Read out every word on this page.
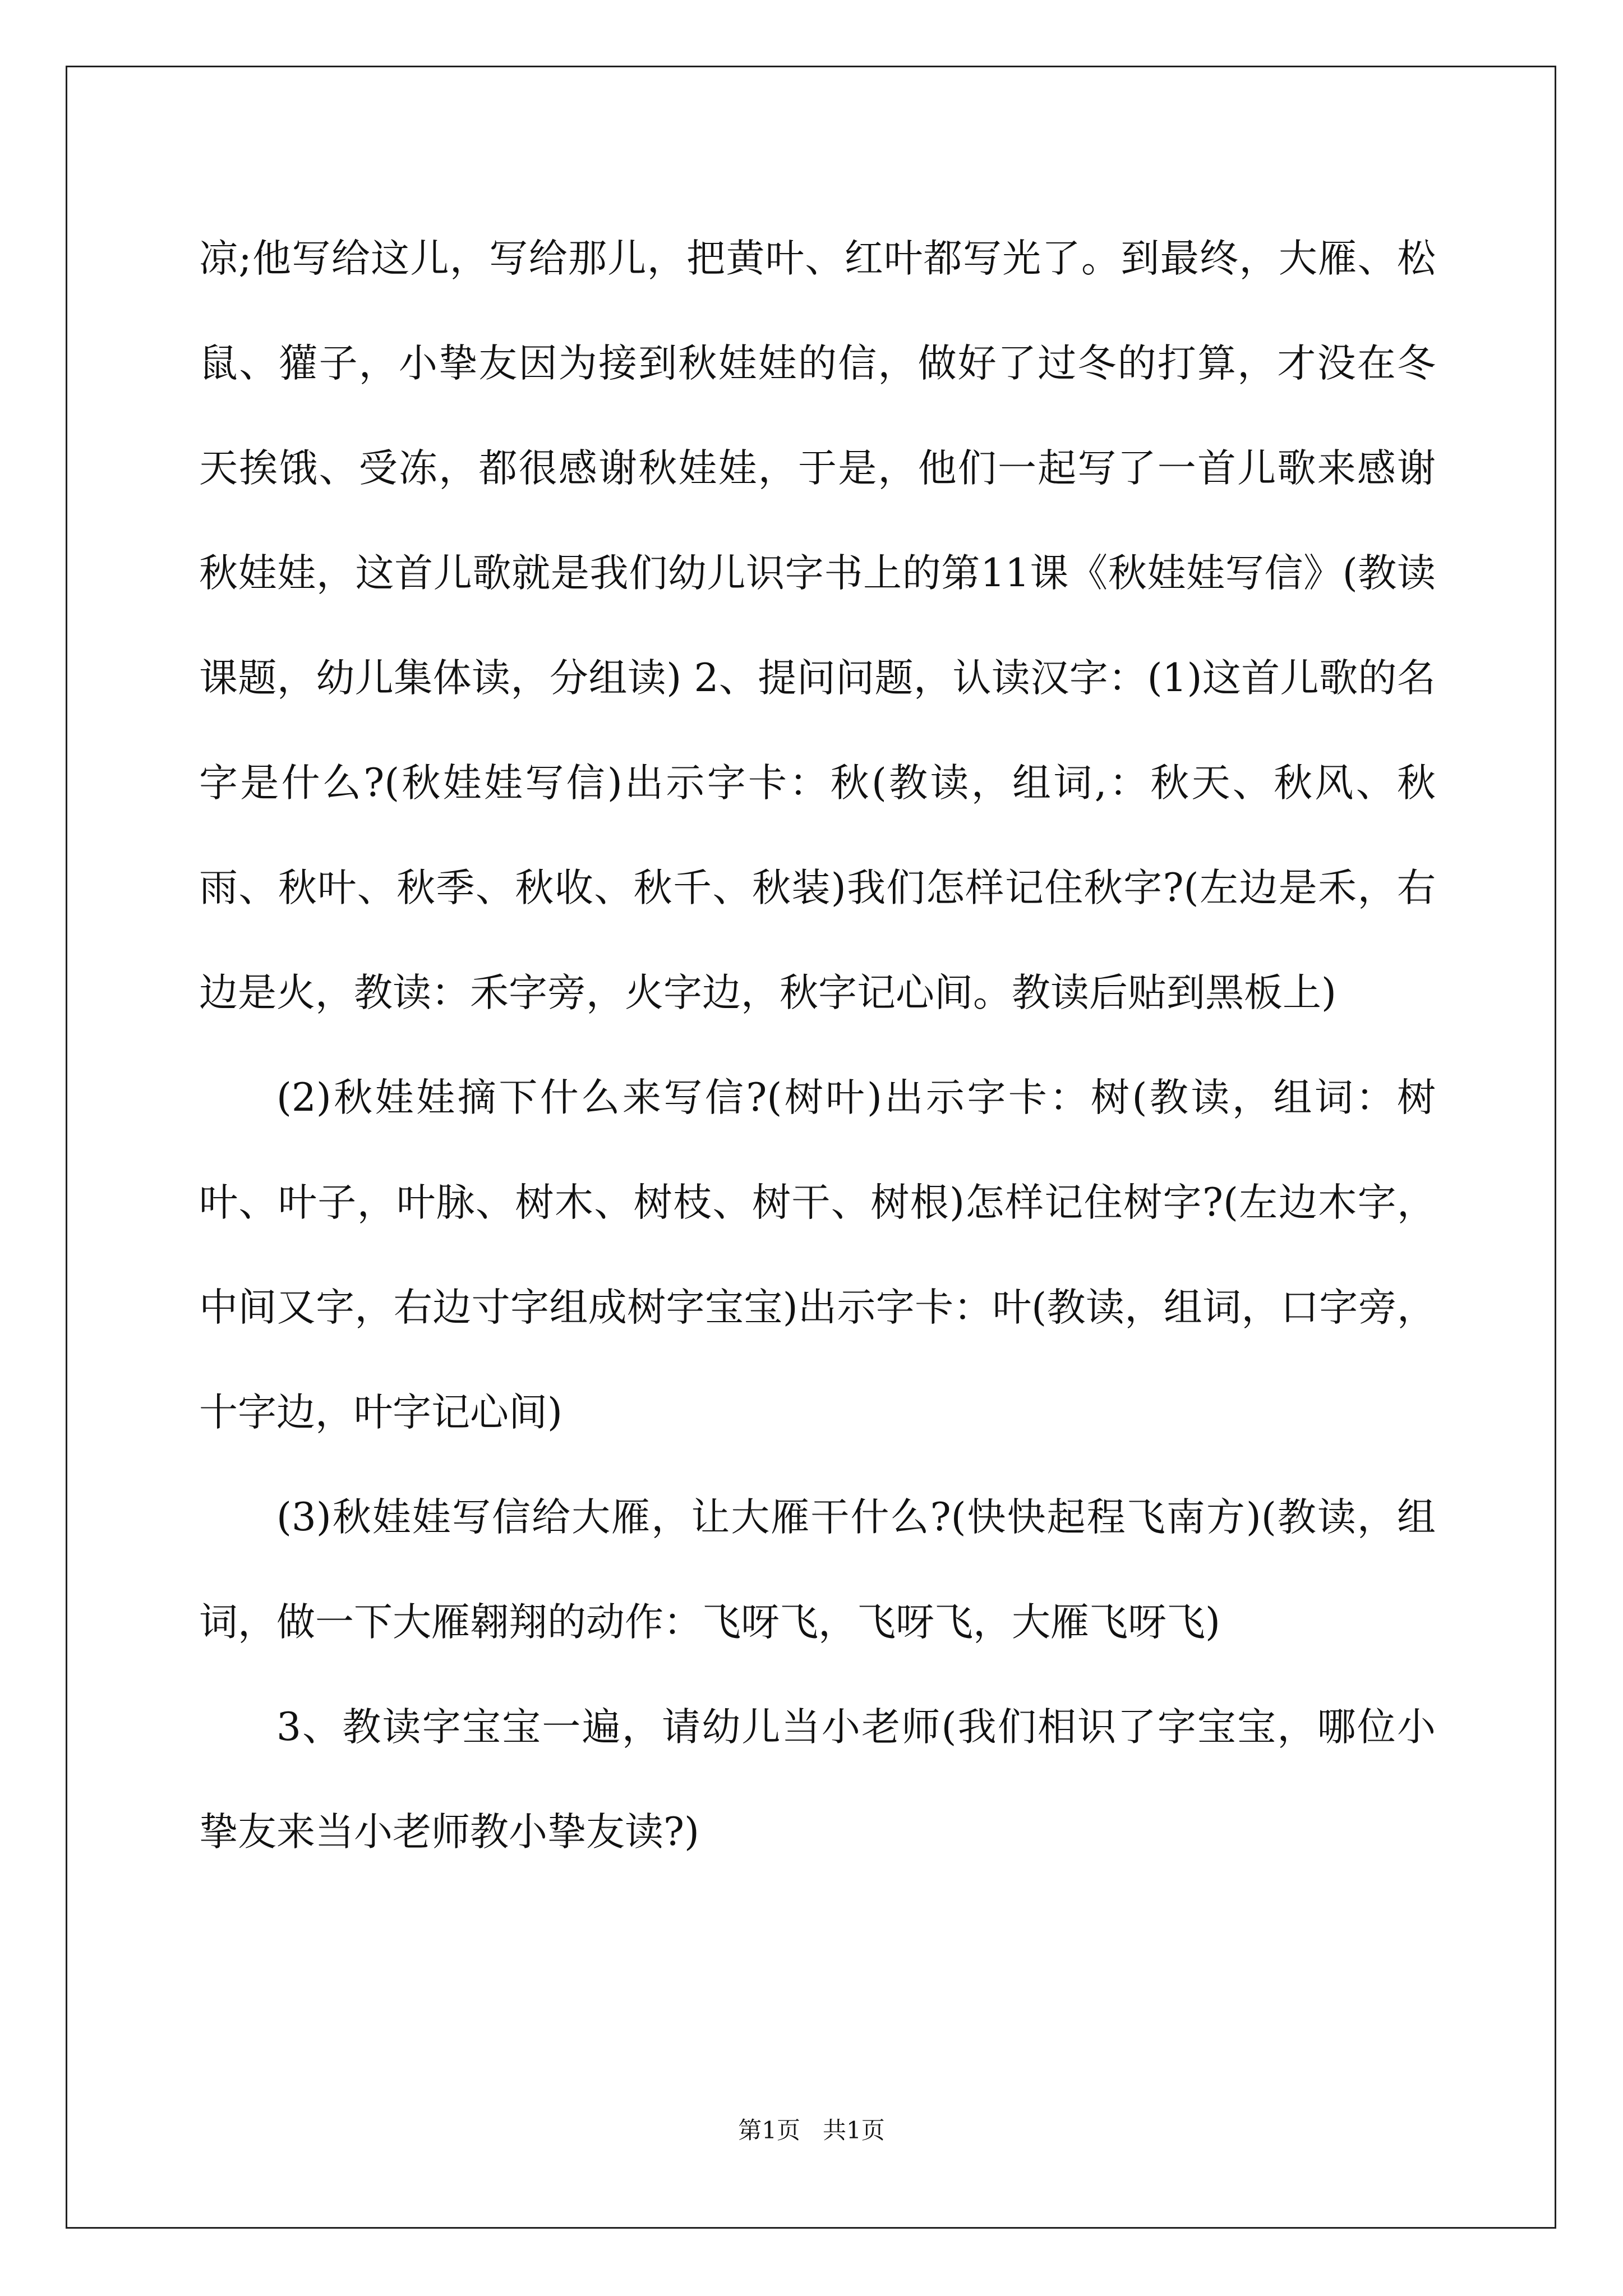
凉;他写给这儿，写给那儿，把黄叶、红叶都写光了。到最终，大雁、松鼠、獾子，小挚友因为接到秋娃娃的信，做好了过冬的打算，才没在冬天挨饿、受冻，都很感谢秋娃娃，于是，他们一起写了一首儿歌来感谢秋娃娃，这首儿歌就是我们幼儿识字书上的第11课《秋娃娃写信》(教读课题，幼儿集体读，分组读) 2、提问问题，认读汉字：(1)这首儿歌的名字是什么?(秋娃娃写信)出示字卡：秋(教读，组词,：秋天、秋风、秋雨、秋叶、秋季、秋收、秋千、秋装)我们怎样记住秋字?(左边是禾，右边是火，教读：禾字旁，火字边，秋字记心间。教读后贴到黑板上)

(2)秋娃娃摘下什么来写信?(树叶)出示字卡：树(教读，组词：树叶、叶子，叶脉、树木、树枝、树干、树根)怎样记住树字?(左边木字，中间又字，右边寸字组成树字宝宝)出示字卡：叶(教读，组词，口字旁，十字边，叶字记心间)

(3)秋娃娃写信给大雁，让大雁干什么?(快快起程飞南方)(教读，组词，做一下大雁翱翔的动作：飞呀飞，飞呀飞，大雁飞呀飞)

3、教读字宝宝一遍，请幼儿当小老师(我们相识了字宝宝，哪位小挚友来当小老师教小挚友读?)

第1页   共1页
